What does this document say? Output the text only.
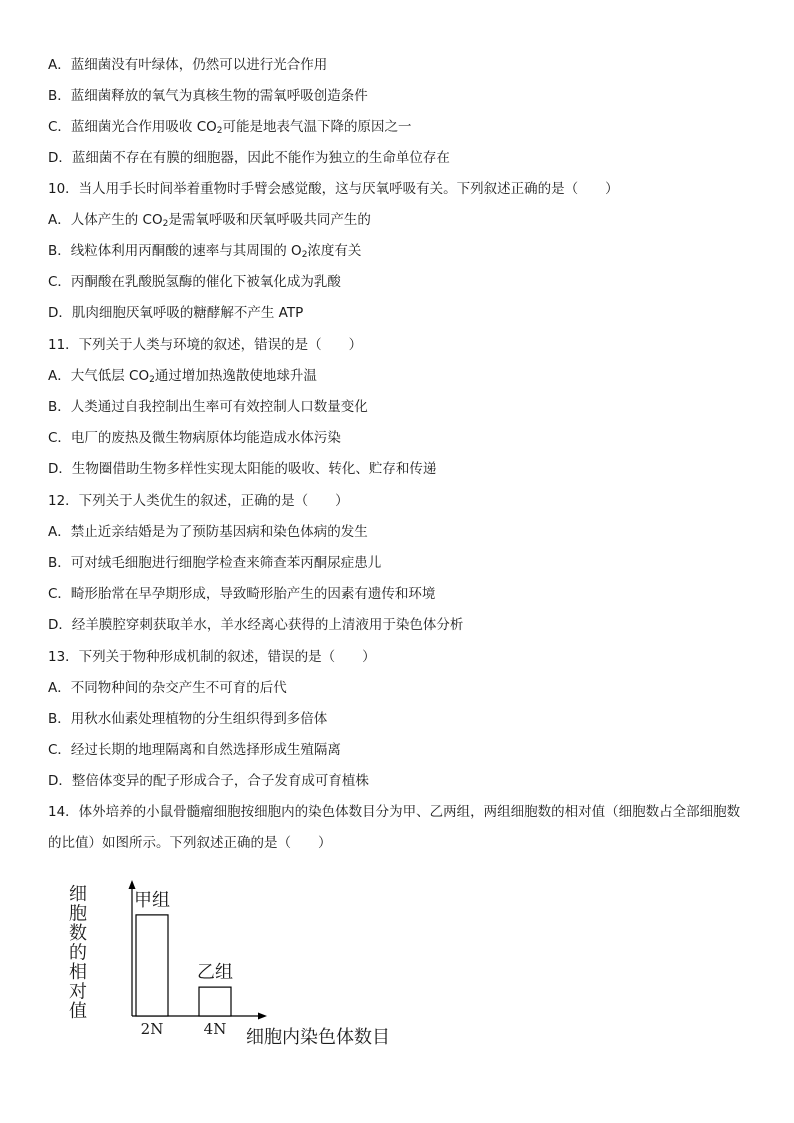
A．蓝细菌没有叶绿体，仍然可以进行光合作用
B．蓝细菌释放的氧气为真核生物的需氧呼吸创造条件
C．蓝细菌光合作用吸收 $CO_2$可能是地表气温下降的原因之一
D．蓝细菌不存在有膜的细胞器，因此不能作为独立的生命单位存在
10．当人用手长时间举着重物时手臂会感觉酸，这与厌氧呼吸有关。下列叙述正确的是（　　）
A．人体产生的 $CO_2$是需氧呼吸和厌氧呼吸共同产生的
B．线粒体利用丙酮酸的速率与其周围的 $O_2$浓度有关
C．丙酮酸在乳酸脱氢酶的催化下被氧化成为乳酸
D．肌肉细胞厌氧呼吸的糖酵解不产生 ATP
11．下列关于人类与环境的叙述，错误的是（　　）
A．大气低层 $CO_2$通过增加热逸散使地球升温
B．人类通过自我控制出生率可有效控制人口数量变化
C．电厂的废热及微生物病原体均能造成水体污染
D．生物圈借助生物多样性实现太阳能的吸收、转化、贮存和传递
12．下列关于人类优生的叙述，正确的是（　　）
A．禁止近亲结婚是为了预防基因病和染色体病的发生
B．可对绒毛细胞进行细胞学检查来筛查苯丙酮尿症患儿
C．畸形胎常在早孕期形成，导致畸形胎产生的因素有遗传和环境
D．经羊膜腔穿刺获取羊水，羊水经离心获得的上清液用于染色体分析
13．下列关于物种形成机制的叙述，错误的是（　　）
A．不同物种间的杂交产生不可育的后代
B．用秋水仙素处理植物的分生组织得到多倍体
C．经过长期的地理隔离和自然选择形成生殖隔离
D．整倍体变异的配子形成合子，合子发育成可育植株
14．体外培养的小鼠骨髓瘤细胞按细胞内的染色体数目分为甲、乙两组，两组细胞数的相对值（细胞数占全部细胞数的比值）如图所示。下列叙述正确的是（　　）
细
胞
数
的
相
对
值
甲组
2N
乙组
4N 细胞内染色体数目
